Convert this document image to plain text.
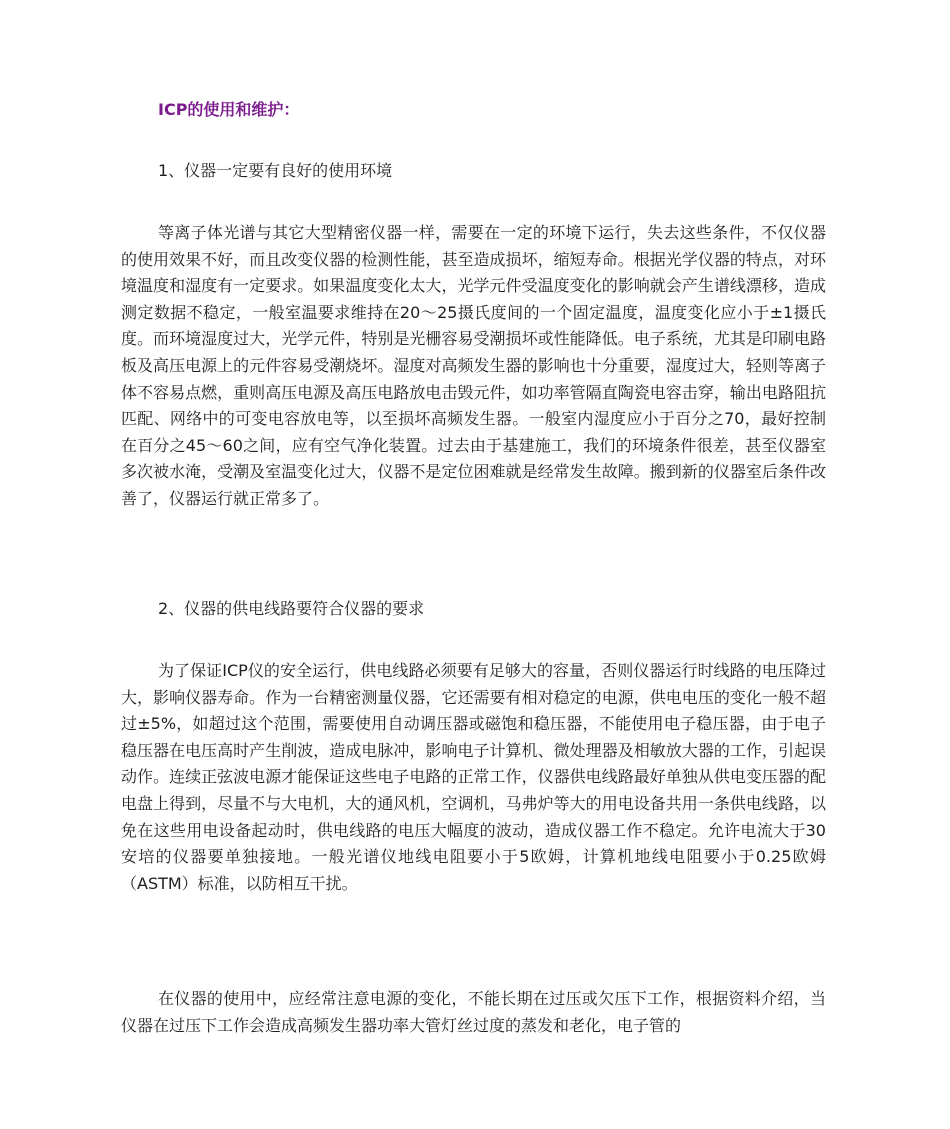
ICP的使用和维护：
1、仪器一定要有良好的使用环境

等离子体光谱与其它大型精密仪器一样，需要在一定的环境下运行，失去这些条件，不仅仪器的使用效果不好，而且改变仪器的检测性能，甚至造成损坏，缩短寿命。根据光学仪器的特点，对环境温度和湿度有一定要求。如果温度变化太大，光学元件受温度变化的影响就会产生谱线漂移，造成测定数据不稳定，一般室温要求维持在20～25摄氏度间的一个固定温度，温度变化应小于±1摄氏度。而环境湿度过大，光学元件，特别是光栅容易受潮损坏或性能降低。电子系统，尤其是印刷电路板及高压电源上的元件容易受潮烧坏。湿度对高频发生器的影响也十分重要，湿度过大，轻则等离子体不容易点燃，重则高压电源及高压电路放电击毁元件，如功率管隔直陶瓷电容击穿，输出电路阻抗匹配、网络中的可变电容放电等，以至损坏高频发生器。一般室内湿度应小于百分之70，最好控制在百分之45～60之间，应有空气净化装置。过去由于基建施工，我们的环境条件很差，甚至仪器室多次被水淹，受潮及室温变化过大，仪器不是定位困难就是经常发生故障。搬到新的仪器室后条件改善了，仪器运行就正常多了。

2、仪器的供电线路要符合仪器的要求

为了保证ICP仪的安全运行，供电线路必须要有足够大的容量，否则仪器运行时线路的电压降过大，影响仪器寿命。作为一台精密测量仪器，它还需要有相对稳定的电源，供电电压的变化一般不超过±5%，如超过这个范围，需要使用自动调压器或磁饱和稳压器，不能使用电子稳压器，由于电子稳压器在电压高时产生削波，造成电脉冲，影响电子计算机、微处理器及相敏放大器的工作，引起误动作。连续正弦波电源才能保证这些电子电路的正常工作，仪器供电线路最好单独从供电变压器的配电盘上得到，尽量不与大电机，大的通风机，空调机，马弗炉等大的用电设备共用一条供电线路，以免在这些用电设备起动时，供电线路的电压大幅度的波动，造成仪器工作不稳定。允许电流大于30安培的仪器要单独接地。一般光谱仪地线电阻要小于5欧姆，计算机地线电阻要小于0.25欧姆（ASTM）标准，以防相互干扰。

在仪器的使用中，应经常注意电源的变化，不能长期在过压或欠压下工作，根据资料介绍，当仪器在过压下工作会造成高频发生器功率大管灯丝过度的蒸发和老化，电子管的
